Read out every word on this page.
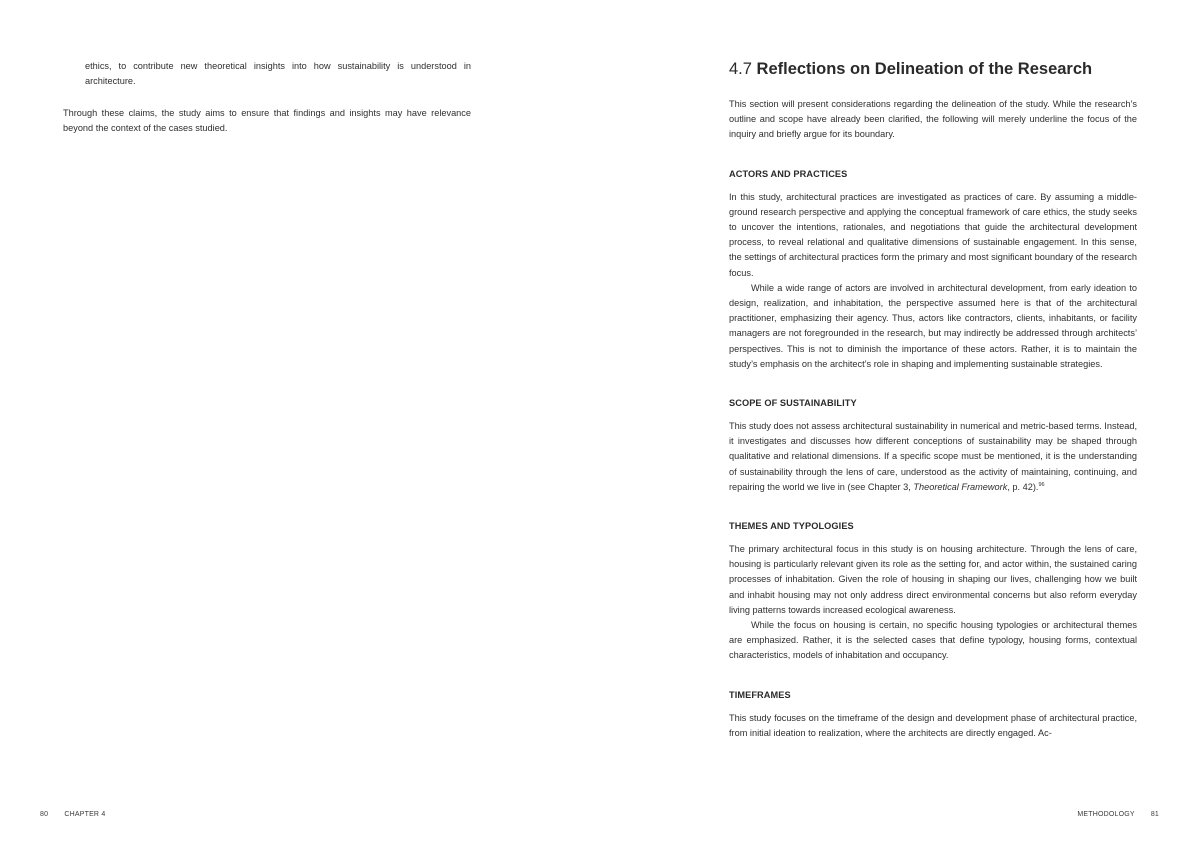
ethics, to contribute new theoretical insights into how sustainability is understood in architecture.

Through these claims, the study aims to ensure that findings and insights may have relevance beyond the context of the cases studied.

80 CHAPTER 4
4.7 Reflections on Delineation of the Research

This section will present considerations regarding the delineation of the study. While the research’s outline and scope have already been clarified, the following will merely underline the focus of the inquiry and briefly argue for its boundary.

ACTORS AND PRACTICES

In this study, architectural practices are investigated as practices of care. By assuming a middle-ground research perspective and applying the conceptual framework of care ethics, the study seeks to uncover the intentions, rationales, and negotiations that guide the architectural development process, to reveal relational and qualitative dimensions of sustainable engagement. In this sense, the settings of architectural practices form the primary and most significant boundary of the research focus.

While a wide range of actors are involved in architectural development, from early ideation to design, realization, and inhabitation, the perspective assumed here is that of the architectural practitioner, emphasizing their agency. Thus, actors like contractors, clients, inhabitants, or facility managers are not foregrounded in the research, but may indirectly be addressed through architects’ perspectives. This is not to diminish the importance of these actors. Rather, it is to maintain the study’s emphasis on the architect’s role in shaping and implementing sustainable strategies.

SCOPE OF SUSTAINABILITY

This study does not assess architectural sustainability in numerical and metric-based terms. Instead, it investigates and discusses how different conceptions of sustainability may be shaped through qualitative and relational dimensions. If a specific scope must be mentioned, it is the understanding of sustainability through the lens of care, understood as the activity of maintaining, continuing, and repairing the world we live in (see Chapter 3, Theoretical Framework, p. 42).$^{96}$

THEMES AND TYPOLOGIES

The primary architectural focus in this study is on housing architecture. Through the lens of care, housing is particularly relevant given its role as the setting for, and actor within, the sustained caring processes of inhabitation. Given the role of housing in shaping our lives, challenging how we built and inhabit housing may not only address direct environmental concerns but also reform everyday living patterns towards increased ecological awareness.

While the focus on housing is certain, no specific housing typologies or architectural themes are emphasized. Rather, it is the selected cases that define typology, housing forms, contextual characteristics, models of inhabitation and occupancy.

TIMEFRAMES

This study focuses on the timeframe of the design and development phase of architectural practice, from initial ideation to realization, where the architects are directly engaged. Ac-

METHODOLOGY 81
